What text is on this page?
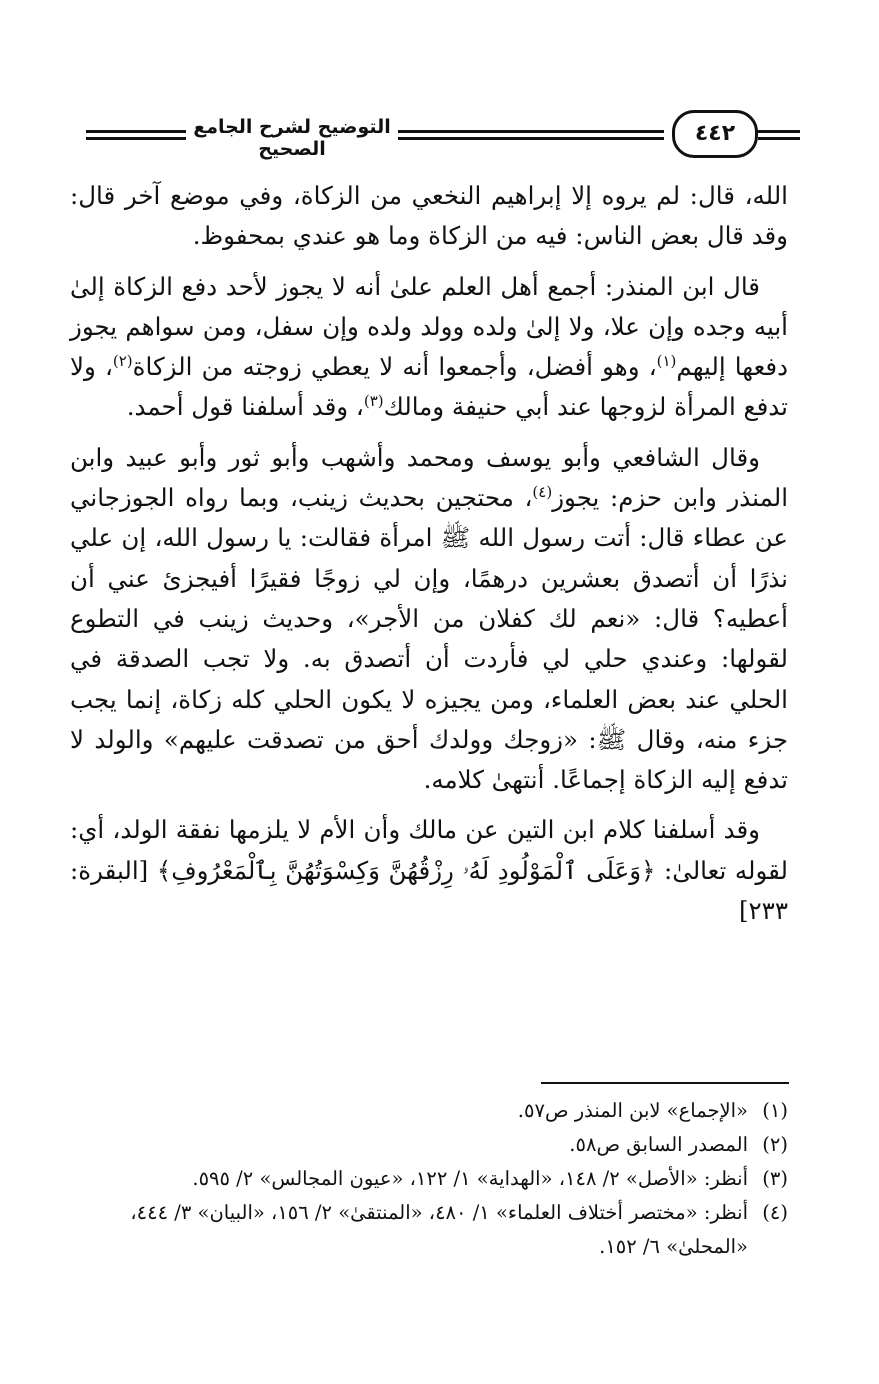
التوضيح لشرح الجامع الصحيح
٤٤٢

الله، قال: لم يروه إلا إبراهيم النخعي من الزكاة، وفي موضع آخر قال: وقد قال بعض الناس: فيه من الزكاة وما هو عندي بمحفوظ.

قال ابن المنذر: أجمع أهل العلم علىٰ أنه لا يجوز لأحد دفع الزكاة إلىٰ أبيه وجده وإن علا، ولا إلىٰ ولده وولد ولده وإن سفل، ومن سواهم يجوز دفعها إليهم$^{(١)}$، وهو أفضل، وأجمعوا أنه لا يعطي زوجته من الزكاة$^{(٢)}$، ولا تدفع المرأة لزوجها عند أبي حنيفة ومالك$^{(٣)}$، وقد أسلفنا قول أحمد.

وقال الشافعي وأبو يوسف ومحمد وأشهب وأبو ثور وأبو عبيد وابن المنذر وابن حزم: يجوز$^{(٤)}$، محتجين بحديث زينب، وبما رواه الجوزجاني عن عطاء قال: أتت رسول الله ﷺ امرأة فقالت: يا رسول الله، إن علي نذرًا أن أتصدق بعشرين درهمًا، وإن لي زوجًا فقيرًا أفيجزئ عني أن أعطيه؟ قال: «نعم لك كفلان من الأجر»، وحديث زينب في التطوع لقولها: وعندي حلي لي فأردت أن أتصدق به. ولا تجب الصدقة في الحلي عند بعض العلماء، ومن يجيزه لا يكون الحلي كله زكاة، إنما يجب جزء منه، وقال ﷺ: «زوجك وولدك أحق من تصدقت عليهم» والولد لا تدفع إليه الزكاة إجماعًا. أنتهىٰ كلامه.

وقد أسلفنا كلام ابن التين عن مالك وأن الأم لا يلزمها نفقة الولد، أي: لقوله تعالىٰ: ﴿وَعَلَى ٱلْمَوْلُودِ لَهُۥ رِزْقُهُنَّ وَكِسْوَتُهُنَّ بِٱلْمَعْرُوفِ﴾ [البقرة: ٢٣٣]

(١)
«الإجماع» لابن المنذر ص٥٧.
(٢)
المصدر السابق ص٥٨.
(٣)
أنظر: «الأصل» ٢/ ١٤٨، «الهداية» ١/ ١٢٢، «عيون المجالس» ٢/ ٥٩٥.
(٤)
أنظر: «مختصر أختلاف العلماء» ١/ ٤٨٠، «المنتقىٰ» ٢/ ١٥٦، «البيان» ٣/ ٤٤٤، «المحلىٰ» ٦/ ١٥٢.
